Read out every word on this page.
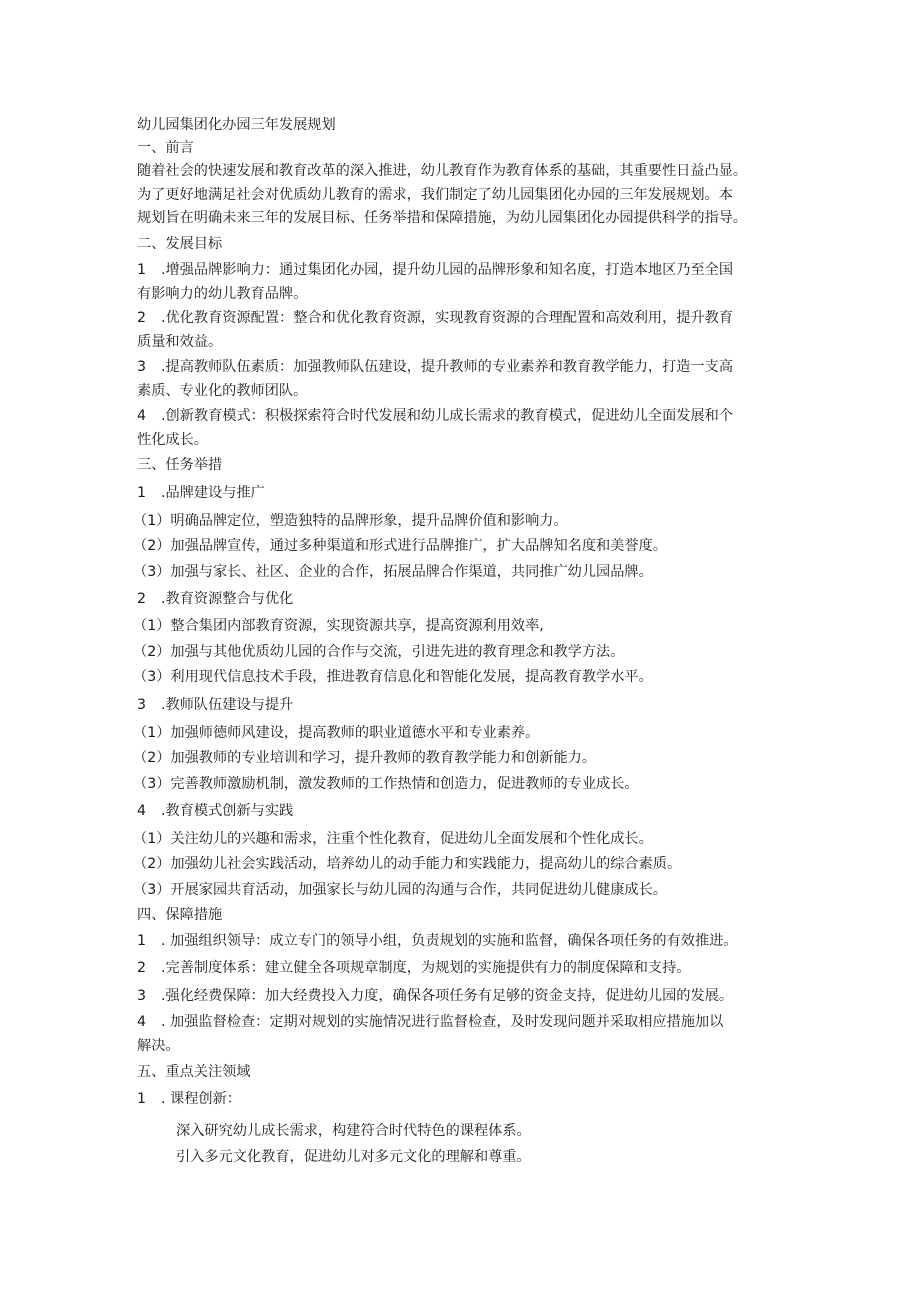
幼儿园集团化办园三年发展规划
一、前言
随着社会的快速发展和教育改革的深入推进，幼儿教育作为教育体系的基础，其重要性日益凸显。
为了更好地满足社会对优质幼儿教育的需求，我们制定了幼儿园集团化办园的三年发展规划。本
规划旨在明确未来三年的发展目标、任务举措和保障措施，为幼儿园集团化办园提供科学的指导。
二、发展目标
1 .增强品牌影响力：通过集团化办园，提升幼儿园的品牌形象和知名度，打造本地区乃至全国
有影响力的幼儿教育品牌。
2 .优化教育资源配置：整合和优化教育资源，实现教育资源的合理配置和高效利用，提升教育
质量和效益。
3 .提高教师队伍素质：加强教师队伍建设，提升教师的专业素养和教育教学能力，打造一支高
素质、专业化的教师团队。
4 .创新教育模式：积极探索符合时代发展和幼儿成长需求的教育模式，促进幼儿全面发展和个
性化成长。
三、任务举措
1 .品牌建设与推广
（1）明确品牌定位，塑造独特的品牌形象，提升品牌价值和影响力。
（2）加强品牌宣传，通过多种渠道和形式进行品牌推广，扩大品牌知名度和美誉度。
（3）加强与家长、社区、企业的合作，拓展品牌合作渠道，共同推广幼儿园品牌。
2 .教育资源整合与优化
（1）整合集团内部教育资源，实现资源共享，提高资源利用效率,
（2）加强与其他优质幼儿园的合作与交流，引进先进的教育理念和教学方法。
（3）利用现代信息技术手段，推进教育信息化和智能化发展，提高教育教学水平。
3 .教师队伍建设与提升
（1）加强师德师风建设，提高教师的职业道德水平和专业素养。
（2）加强教师的专业培训和学习，提升教师的教育教学能力和创新能力。
（3）完善教师激励机制，激发教师的工作热情和创造力，促进教师的专业成长。
4 .教育模式创新与实践
（1）关注幼儿的兴趣和需求，注重个性化教育，促进幼儿全面发展和个性化成长。
（2）加强幼儿社会实践活动，培养幼儿的动手能力和实践能力，提高幼儿的综合素质。
（3）开展家园共育活动，加强家长与幼儿园的沟通与合作，共同促进幼儿健康成长。
四、保障措施
1 . 加强组织领导：成立专门的领导小组，负责规划的实施和监督，确保各项任务的有效推进。
2 .完善制度体系：建立健全各项规章制度，为规划的实施提供有力的制度保障和支持。
3 .强化经费保障：加大经费投入力度，确保各项任务有足够的资金支持，促进幼儿园的发展。
4 . 加强监督检查：定期对规划的实施情况进行监督检查，及时发现问题并采取相应措施加以
解决。
五、重点关注领域
1 . 课程创新：
深入研究幼儿成长需求，构建符合时代特色的课程体系。
引入多元文化教育，促进幼儿对多元文化的理解和尊重。
